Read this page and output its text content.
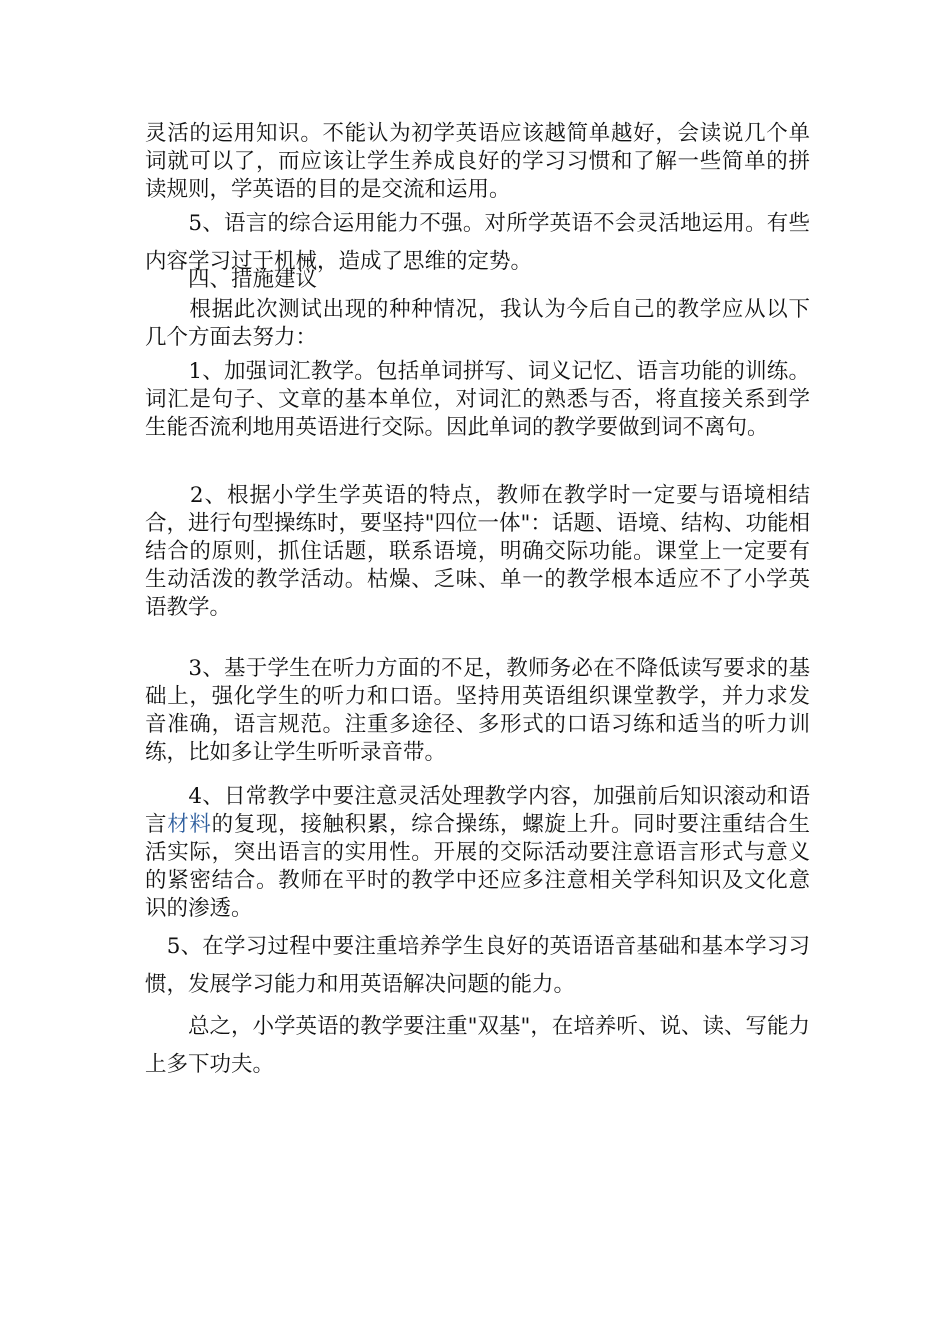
灵活的运用知识。不能认为初学英语应该越简单越好，会读说几个单词就可以了，而应该让学生养成良好的学习习惯和了解一些简单的拼读规则，学英语的目的是交流和运用。

　　5、语言的综合运用能力不强。对所学英语不会灵活地运用。有些内容学习过于机械，造成了思维的定势。

　　四、措施建议

　　根据此次测试出现的种种情况，我认为今后自己的教学应从以下几个方面去努力：

　　1、加强词汇教学。包括单词拼写、词义记忆、语言功能的训练。词汇是句子、文章的基本单位，对词汇的熟悉与否，将直接关系到学生能否流利地用英语进行交际。因此单词的教学要做到词不离句。

　　2、根据小学生学英语的特点，教师在教学时一定要与语境相结合，进行句型操练时，要坚持"四位一体"：话题、语境、结构、功能相结合的原则，抓住话题，联系语境，明确交际功能。课堂上一定要有生动活泼的教学活动。枯燥、乏味、单一的教学根本适应不了小学英语教学。

　　3、基于学生在听力方面的不足，教师务必在不降低读写要求的基础上，强化学生的听力和口语。坚持用英语组织课堂教学，并力求发音准确，语言规范。注重多途径、多形式的口语习练和适当的听力训练，比如多让学生听听录音带。

　　4、日常教学中要注意灵活处理教学内容，加强前后知识滚动和语言材料的复现，接触积累，综合操练，螺旋上升。同时要注重结合生活实际，突出语言的实用性。开展的交际活动要注意语言形式与意义的紧密结合。教师在平时的教学中还应多注意相关学科知识及文化意识的渗透。

　5、在学习过程中要注重培养学生良好的英语语音基础和基本学习习惯，发展学习能力和用英语解决问题的能力。

　　总之，小学英语的教学要注重"双基"，在培养听、说、读、写能力上多下功夫。
